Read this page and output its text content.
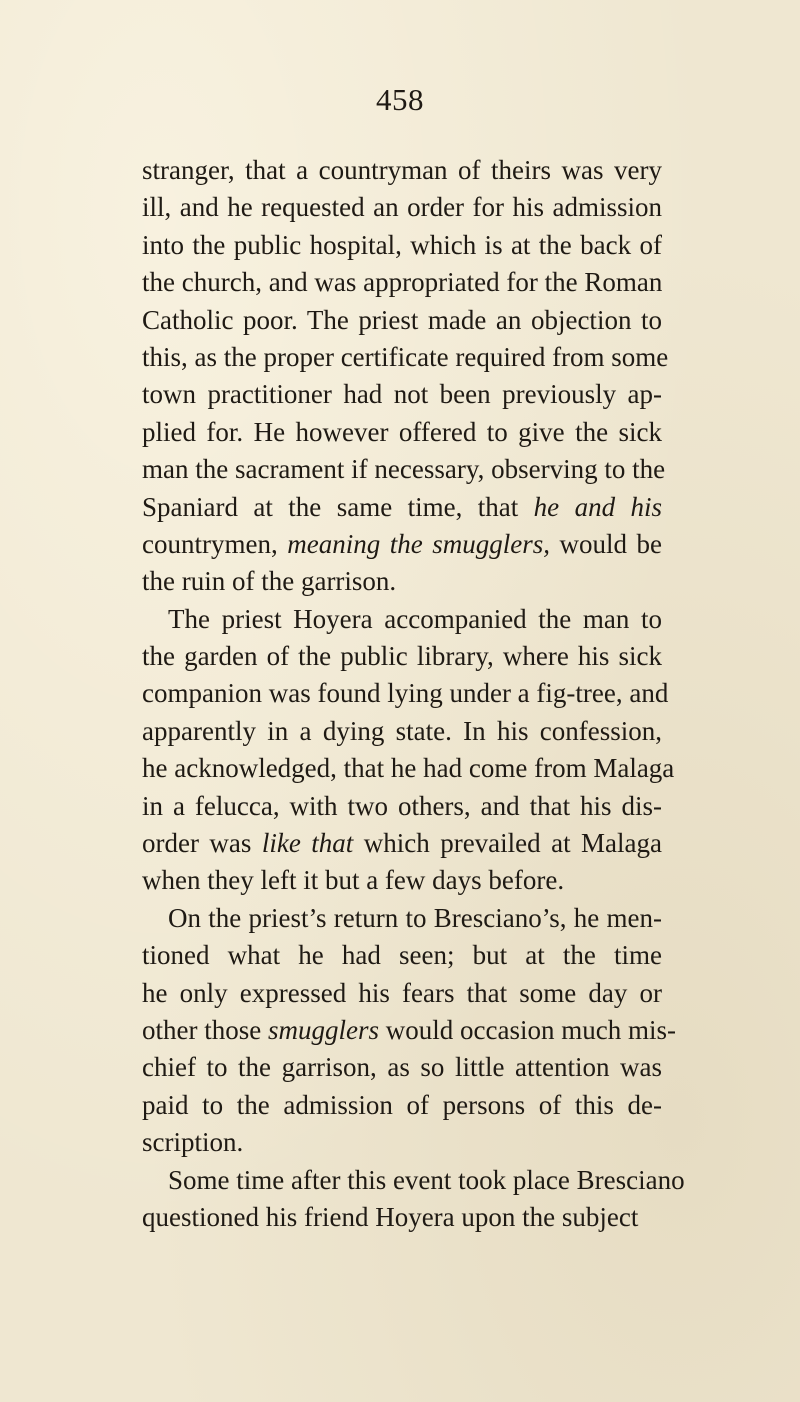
458
stranger, that a countryman of theirs was very
ill, and he requested an order for his admission
into the public hospital, which is at the back of
the church, and was appropriated for the Roman
Catholic poor. The priest made an objection to
this, as the proper certificate required from some
town practitioner had not been previously ap-
plied for. He however offered to give the sick
man the sacrament if necessary, observing to the
Spaniard at the same time, that he and his
countrymen, meaning the smugglers, would be
the ruin of the garrison.
The priest Hoyera accompanied the man to
the garden of the public library, where his sick
companion was found lying under a fig-tree, and
apparently in a dying state. In his confession,
he acknowledged, that he had come from Malaga
in a felucca, with two others, and that his dis-
order was like that which prevailed at Malaga
when they left it but a few days before.
On the priest’s return to Bresciano’s, he men-
tioned what he had seen; but at the time
he only expressed his fears that some day or
other those smugglers would occasion much mis-
chief to the garrison, as so little attention was
paid to the admission of persons of this de-
scription.
Some time after this event took place Bresciano
questioned his friend Hoyera upon the subject
